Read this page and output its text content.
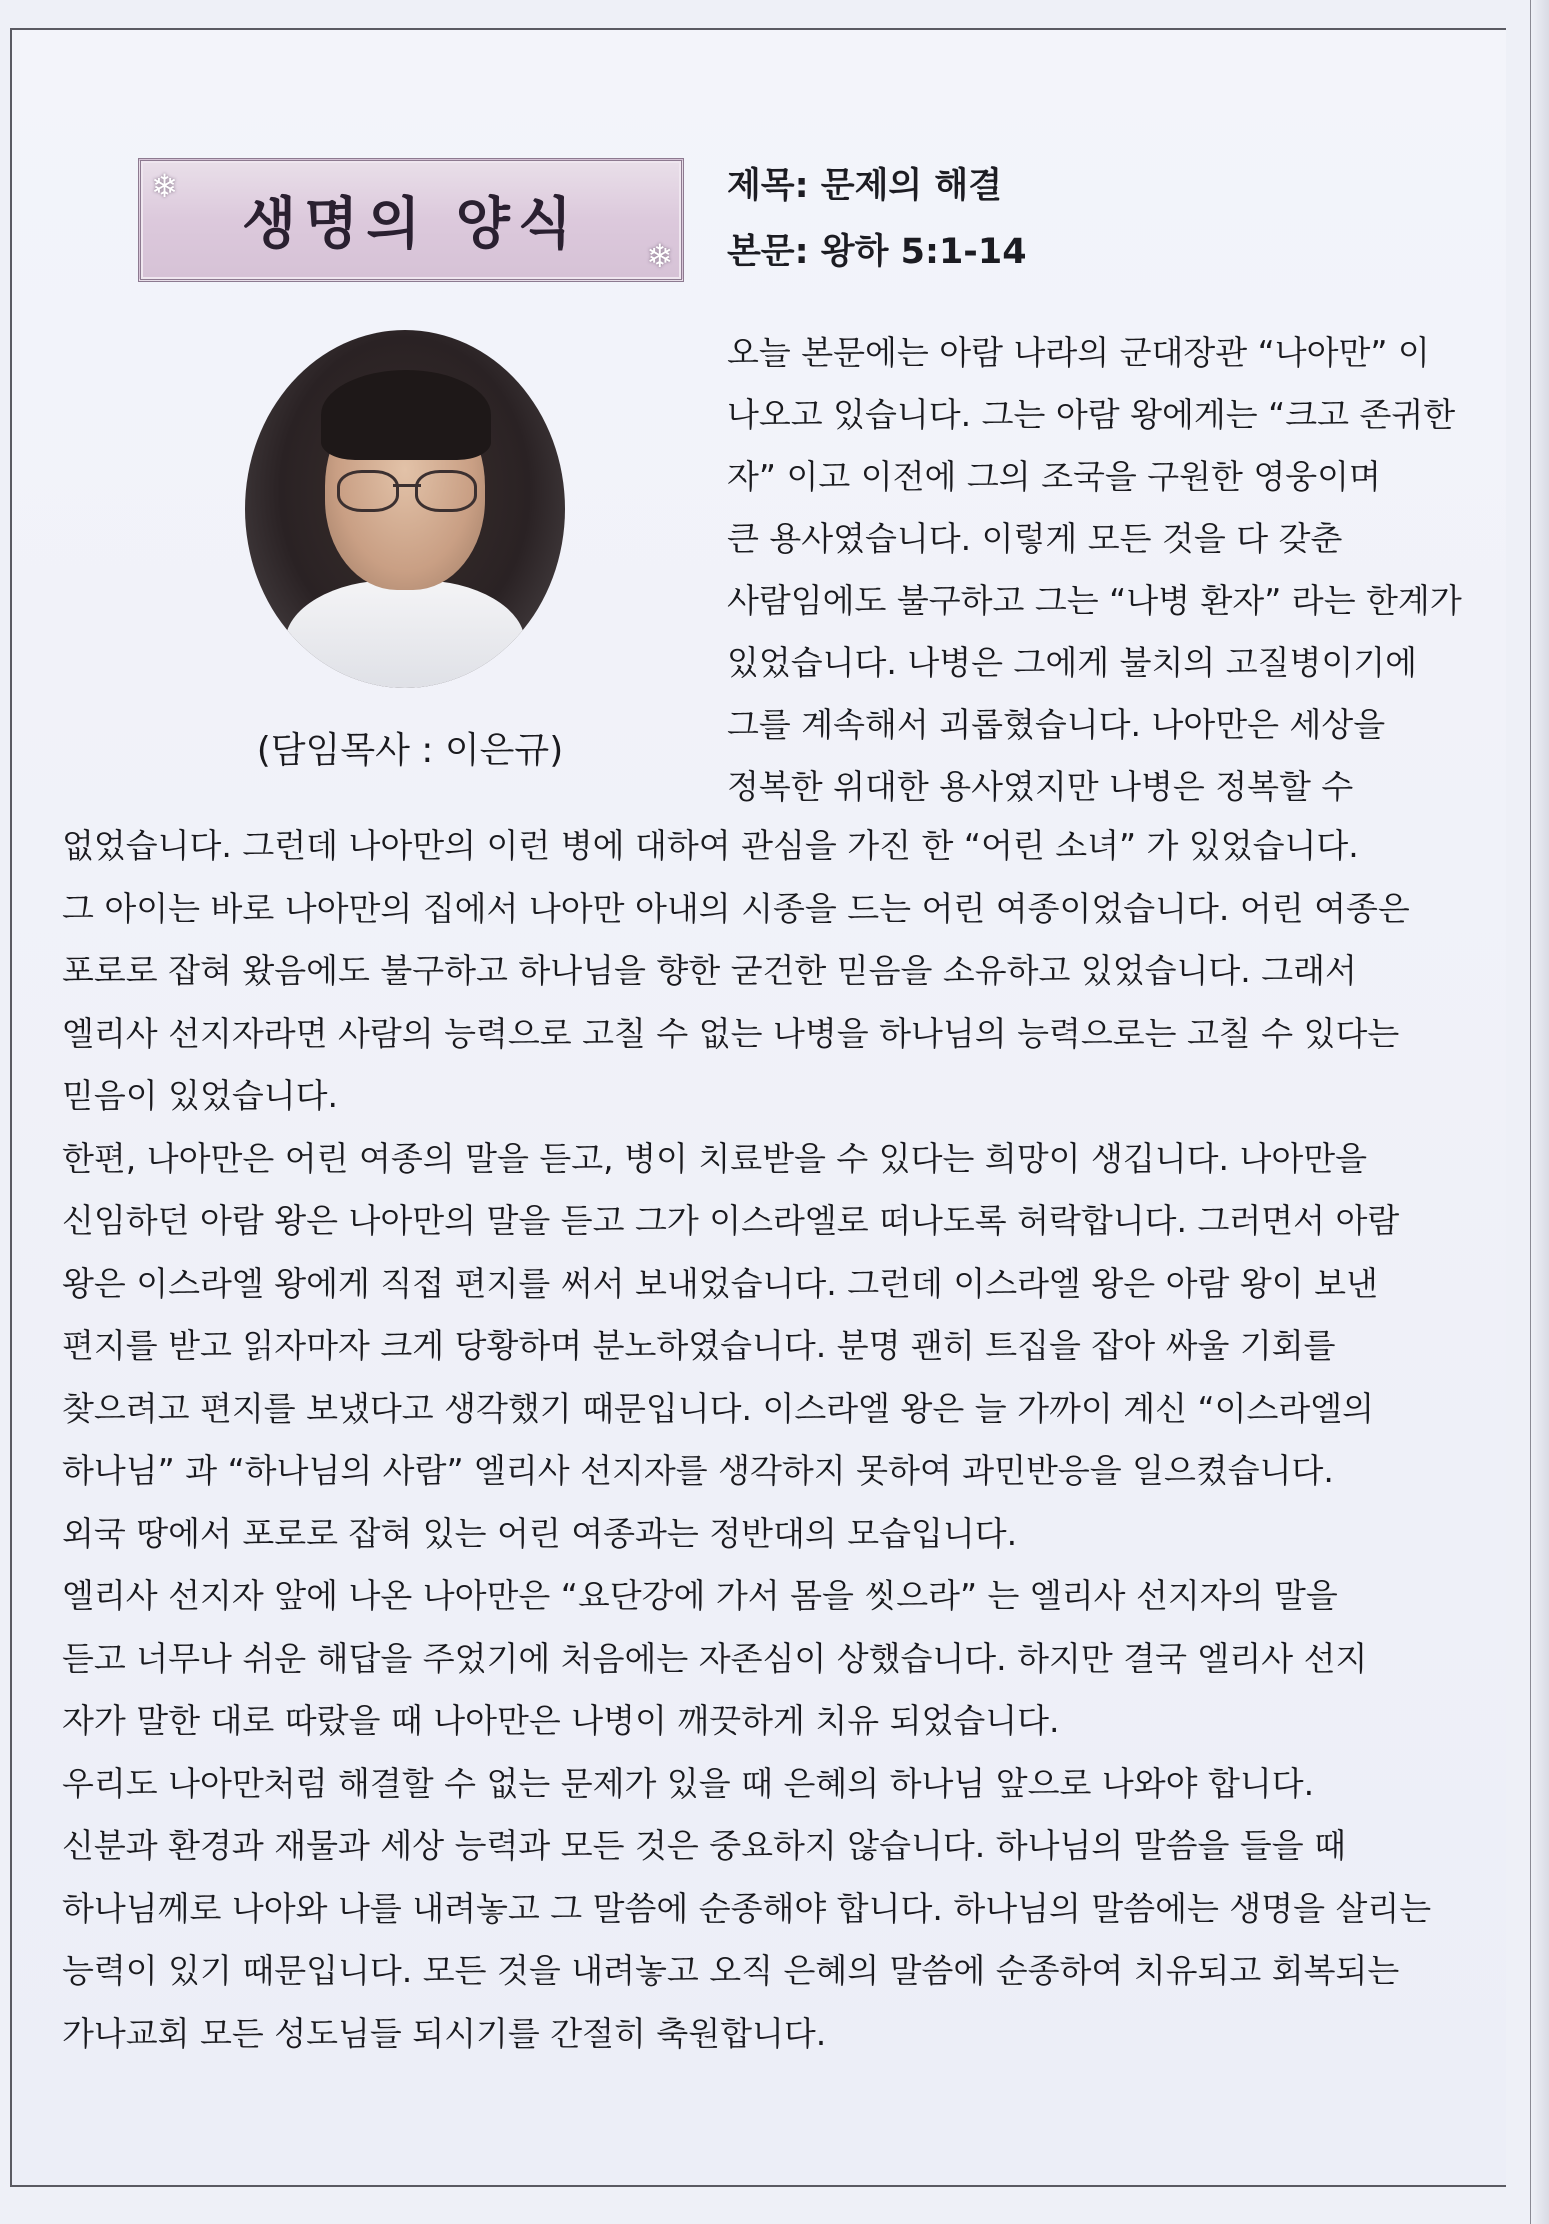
❄
생명의 양식 ❄
(담임목사 : 이은규)
제목: 문제의 해결
본문: 왕하 5:1-14
오늘 본문에는 아람 나라의 군대장관 “나아만” 이
나오고 있습니다. 그는 아람 왕에게는 “크고 존귀한
자” 이고 이전에 그의 조국을 구원한 영웅이며
큰 용사였습니다. 이렇게 모든 것을 다 갖춘
사람임에도 불구하고 그는 “나병 환자” 라는 한계가
있었습니다. 나병은 그에게 불치의 고질병이기에
그를 계속해서 괴롭혔습니다. 나아만은 세상을
정복한 위대한 용사였지만 나병은 정복할 수
없었습니다. 그런데 나아만의 이런 병에 대하여 관심을 가진 한 “어린 소녀” 가 있었습니다.
그 아이는 바로 나아만의 집에서 나아만 아내의 시종을 드는 어린 여종이었습니다. 어린 여종은
포로로 잡혀 왔음에도 불구하고 하나님을 향한 굳건한 믿음을 소유하고 있었습니다. 그래서
엘리사 선지자라면 사람의 능력으로 고칠 수 없는 나병을 하나님의 능력으로는 고칠 수 있다는
믿음이 있었습니다.
한편, 나아만은 어린 여종의 말을 듣고, 병이 치료받을 수 있다는 희망이 생깁니다. 나아만을
신임하던 아람 왕은 나아만의 말을 듣고 그가 이스라엘로 떠나도록 허락합니다. 그러면서 아람
왕은 이스라엘 왕에게 직접 편지를 써서 보내었습니다. 그런데 이스라엘 왕은 아람 왕이 보낸
편지를 받고 읽자마자 크게 당황하며 분노하였습니다. 분명 괜히 트집을 잡아 싸울 기회를
찾으려고 편지를 보냈다고 생각했기 때문입니다. 이스라엘 왕은 늘 가까이 계신 “이스라엘의
하나님” 과 “하나님의 사람” 엘리사 선지자를 생각하지 못하여 과민반응을 일으켰습니다.
외국 땅에서 포로로 잡혀 있는 어린 여종과는 정반대의 모습입니다.
엘리사 선지자 앞에 나온 나아만은 “요단강에 가서 몸을 씻으라” 는 엘리사 선지자의 말을
듣고 너무나 쉬운 해답을 주었기에 처음에는 자존심이 상했습니다. 하지만 결국 엘리사 선지
자가 말한 대로 따랐을 때 나아만은 나병이 깨끗하게 치유 되었습니다.
우리도 나아만처럼 해결할 수 없는 문제가 있을 때 은혜의 하나님 앞으로 나와야 합니다.
신분과 환경과 재물과 세상 능력과 모든 것은 중요하지 않습니다. 하나님의 말씀을 들을 때
하나님께로 나아와 나를 내려놓고 그 말씀에 순종해야 합니다. 하나님의 말씀에는 생명을 살리는
능력이 있기 때문입니다. 모든 것을 내려놓고 오직 은혜의 말씀에 순종하여 치유되고 회복되는
가나교회 모든 성도님들 되시기를 간절히 축원합니다.
